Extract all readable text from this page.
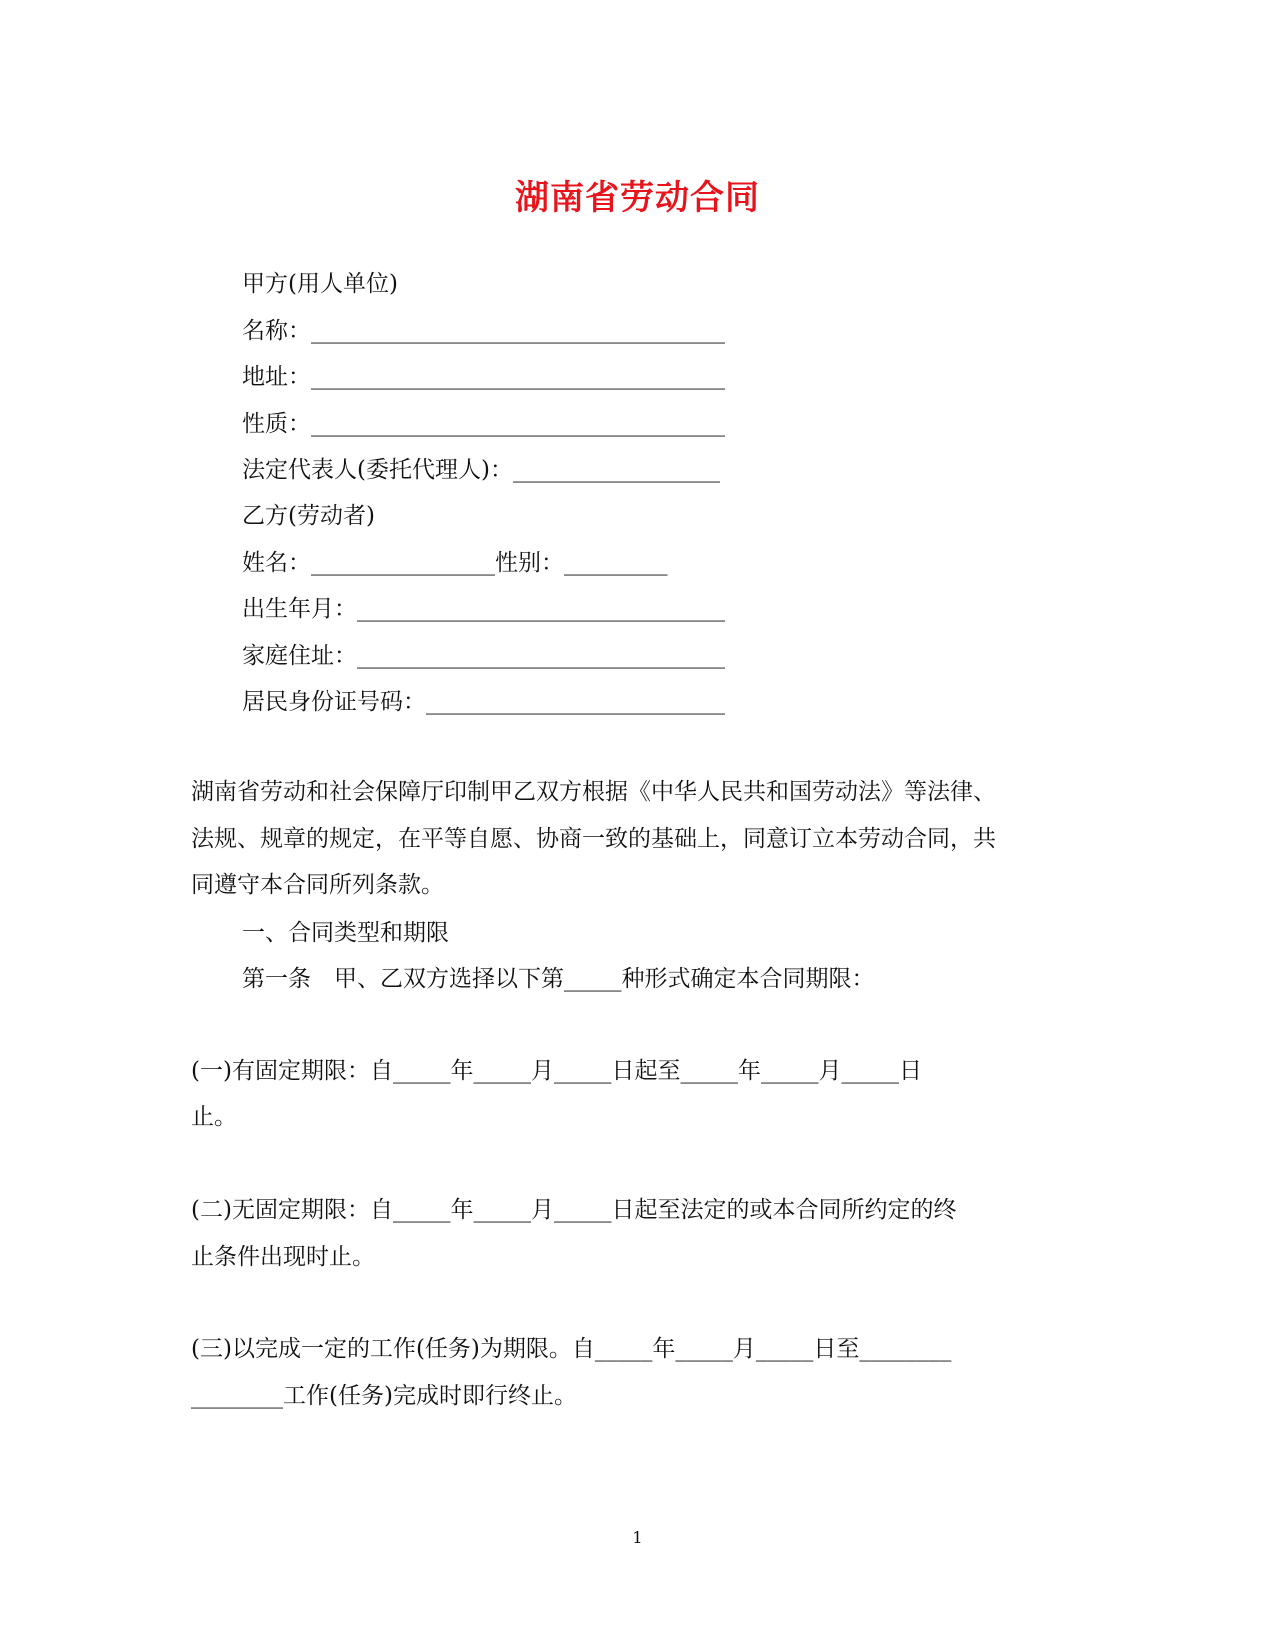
湖南省劳动合同
甲方(用人单位)
名称：____________________________________
地址：____________________________________
性质：____________________________________
法定代表人(委托代理人)：__________________
乙方(劳动者)
姓名：________________性别：_________
出生年月：________________________________
家庭住址：________________________________
居民身份证号码：__________________________
湖南省劳动和社会保障厅印制甲乙双方根据《中华人民共和国劳动法》等法律、
法规、规章的规定，在平等自愿、协商一致的基础上，同意订立本劳动合同，共
同遵守本合同所列条款。
一、合同类型和期限
第一条　甲、乙双方选择以下第_____种形式确定本合同期限：
(一)有固定期限：自_____年_____月_____日起至_____年_____月_____日
止。
(二)无固定期限：自_____年_____月_____日起至法定的或本合同所约定的终
止条件出现时止。
(三)以完成一定的工作(任务)为期限。自_____年_____月_____日至________
________工作(任务)完成时即行终止。
1
